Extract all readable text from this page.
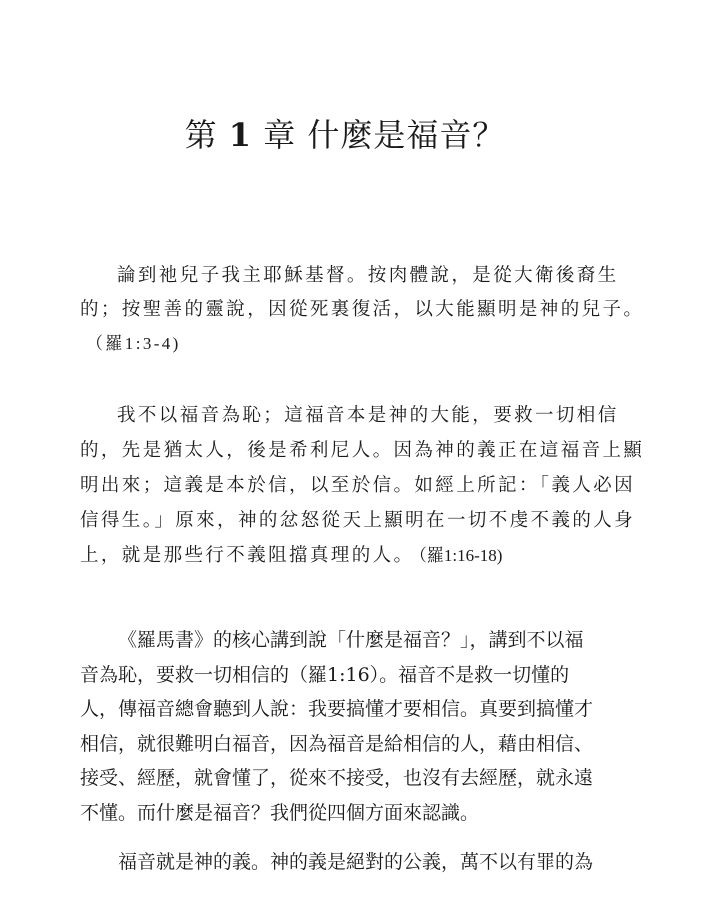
第 1 章 什麼是福音？

論到祂兒子我主耶穌基督。按肉體說，是從大衛後裔生
的；按聖善的靈說，因從死裏復活，以大能顯明是神的兒子。
（羅1:3-4)

我不以福音為恥；這福音本是神的大能，要救一切相信
的，先是猶太人，後是希利尼人。因為神的義正在這福音上顯
明出來；這義是本於信，以至於信。如經上所記：「義人必因
信得生。」原來，神的忿怒從天上顯明在一切不虔不義的人身
上，就是那些行不義阻擋真理的人。 （羅1:16-18)

《羅馬書》的核心講到說「什麼是福音？」，講到不以福
音為恥，要救一切相信的（羅1:16）。福音不是救一切懂的
人，傳福音總會聽到人說：我要搞懂才要相信。真要到搞懂才
相信，就很難明白福音，因為福音是給相信的人，藉由相信、
接受、經歷，就會懂了，從來不接受，也沒有去經歷，就永遠
不懂。而什麼是福音？我們從四個方面來認識。

福音就是神的義。神的義是絕對的公義，萬不以有罪的為
